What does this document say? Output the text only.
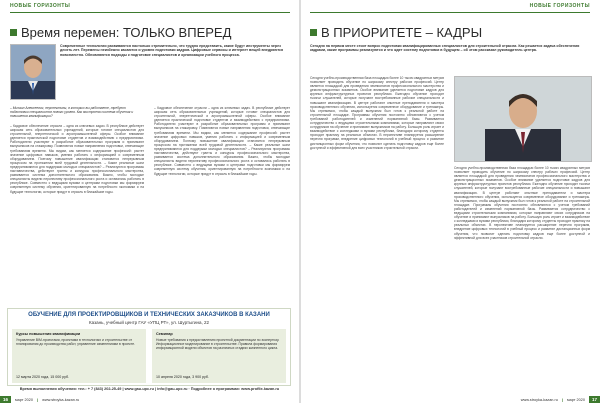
НОВЫЕ ГОРИЗОНТЫ
Время перемен: ТОЛЬКО ВПЕРЕД
Современные технологии развиваются настолько стремительно, что трудно представить, какие будут инструменты через десять лет. Перемены неизбежно касаются и уровня подготовки кадров. Цифровые сервисы и интернет вещей внедряются повсеместно. Обновляются подходы к подготовке специалистов и организации учебного процесса.
– Михаил Алексеевич, перспективы, в которых вы работаете, требуют подготовки специалистов нового уровня. Как выстроена система обучения и повышения квалификации?
– Кадровое обеспечение отрасли – одна из ключевых задач. В республике действует широкая сеть образовательных учреждений, которые готовят специалистов для строительной, энергетической и агропромышленной сферы. Особое внимание уделяется практической подготовке студентов и взаимодействию с предприятиями. Работодатели участвуют в разработке образовательных программ и принимают выпускников на стажировку. Появляются новые направления подготовки, отвечающие требованиям времени. Мы видим, как меняется содержание профессий: растет значение цифровых навыков, умения работать с информацией и современным оборудованием. Поэтому повышение квалификации становится непрерывным процессом на протяжении всей трудовой деятельности. – Какие реальные шаги предпринимаются для поддержки молодых специалистов? – Реализуются программы наставничества, действуют гранты и конкурсы профессионального мастерства, развивается система дополнительного образования. Важно, чтобы молодые специалисты видели перспективу профессионального роста и оставались работать в республике. Совместно с ведущими вузами и центрами подготовки мы формируем современную систему обучения, ориентированную на потребности экономики и на будущие технологии, которые придут в отрасль в ближайшие годы.
– Кадровое обеспечение отрасли – одна из ключевых задач. В республике действует широкая сеть образовательных учреждений, которые готовят специалистов для строительной, энергетической и агропромышленной сферы. Особое внимание уделяется практической подготовке студентов и взаимодействию с предприятиями. Работодатели участвуют в разработке образовательных программ и принимают выпускников на стажировку. Появляются новые направления подготовки, отвечающие требованиям времени. Мы видим, как меняется содержание профессий: растет значение цифровых навыков, умения работать с информацией и современным оборудованием. Поэтому повышение квалификации становится непрерывным процессом на протяжении всей трудовой деятельности. – Какие реальные шаги предпринимаются для поддержки молодых специалистов? – Реализуются программы наставничества, действуют гранты и конкурсы профессионального мастерства, развивается система дополнительного образования. Важно, чтобы молодые специалисты видели перспективу профессионального роста и оставались работать в республике. Совместно с ведущими вузами и центрами подготовки мы формируем современную систему обучения, ориентированную на потребности экономики и на будущие технологии, которые придут в отрасль в ближайшие годы.
ОБУЧЕНИЕ ДЛЯ ПРОЕКТИРОВЩИКОВ И ТЕХНИЧЕСКИХ ЗАКАЗЧИКОВ В КАЗАНИ
Казань, учебный центр ГАУ «УПЦ РТ», ул. Шуртыгина, 22
Курсы повышения квалификации
Управление BIM-проектами, проектами в технологиях и строительстве от планирования до производства работ, управление изменениями в проекте.
12 марта 2020 года, 15 000 руб.
Семинар
Новые требования к предоставлению проектной документации по экспертизу. Информационное моделирование в строительстве. Правила формирования информационной модели объектов на различных стадиях жизненного цикла.
10 апреля 2020 года, 3 900 руб.
Время выполнения обучения: тел.: + 7 (843) 202-25-49 | www.gau-upc.ru | info@gau-upc.ru · Подробнее о программах: www.profile-kazan.ru
16	март 2020	|	www.stroyka-kazan.ru
НОВЫЕ ГОРИЗОНТЫ
В ПРИОРИТЕТЕ – КАДРЫ
Сегодня на первом месте стоит вопрос подготовки квалифицированных специалистов для строительной отрасли. Как решается задача обеспечения кадрами, какие программы реализуются и что ждет систему подготовки в будущем – об этом рассказал руководитель центра.
Сегодня учебно-производственная база площадью более 10 тысяч квадратных метров позволяет проводить обучение по широкому спектру рабочих профессий. Центр является площадкой для проведения чемпионатов профессионального мастерства и демонстрационных экзаменов. Особое внимание уделяется подготовке кадров для крупных инфраструктурных проектов республики. Ежегодно обучение проходят тысячи слушателей, которые получают востребованные рабочие специальности и повышают квалификацию. В центре работают опытные преподаватели и мастера производственного обучения, используется современное оборудование и тренажеры. Мы стремимся, чтобы каждый выпускник был готов к реальной работе на строительной площадке. Программы обучения постоянно обновляются с учетом требований работодателей и изменений нормативной базы. Развивается сотрудничество с ведущими строительными компаниями, которые направляют своих сотрудников на обучение и принимают выпускников на работу. Большую роль играет и взаимодействие с колледжами и вузами республики, благодаря которому студенты проходят практику на реальных объектах. В перспективе планируется расширение перечня программ, внедрение цифровых технологий в учебный процесс и развитие дистанционных форм обучения, что позволит сделать подготовку кадров еще более доступной и эффективной для всех участников строительной отрасли.
Сегодня учебно-производственная база площадью более 10 тысяч квадратных метров позволяет проводить обучение по широкому спектру рабочих профессий. Центр является площадкой для проведения чемпионатов профессионального мастерства и демонстрационных экзаменов. Особое внимание уделяется подготовке кадров для крупных инфраструктурных проектов республики. Ежегодно обучение проходят тысячи слушателей, которые получают востребованные рабочие специальности и повышают квалификацию. В центре работают опытные преподаватели и мастера производственного обучения, используется современное оборудование и тренажеры. Мы стремимся, чтобы каждый выпускник был готов к реальной работе на строительной площадке. Программы обучения постоянно обновляются с учетом требований работодателей и изменений нормативной базы. Развивается сотрудничество с ведущими строительными компаниями, которые направляют своих сотрудников на обучение и принимают выпускников на работу. Большую роль играет и взаимодействие с колледжами и вузами республики, благодаря которому студенты проходят практику на реальных объектах. В перспективе планируется расширение перечня программ, внедрение цифровых технологий в учебный процесс и развитие дистанционных форм обучения, что позволит сделать подготовку кадров еще более доступной и эффективной для всех участников строительной отрасли.
www.stroyka-kazan.ru	|	март 2020	17
